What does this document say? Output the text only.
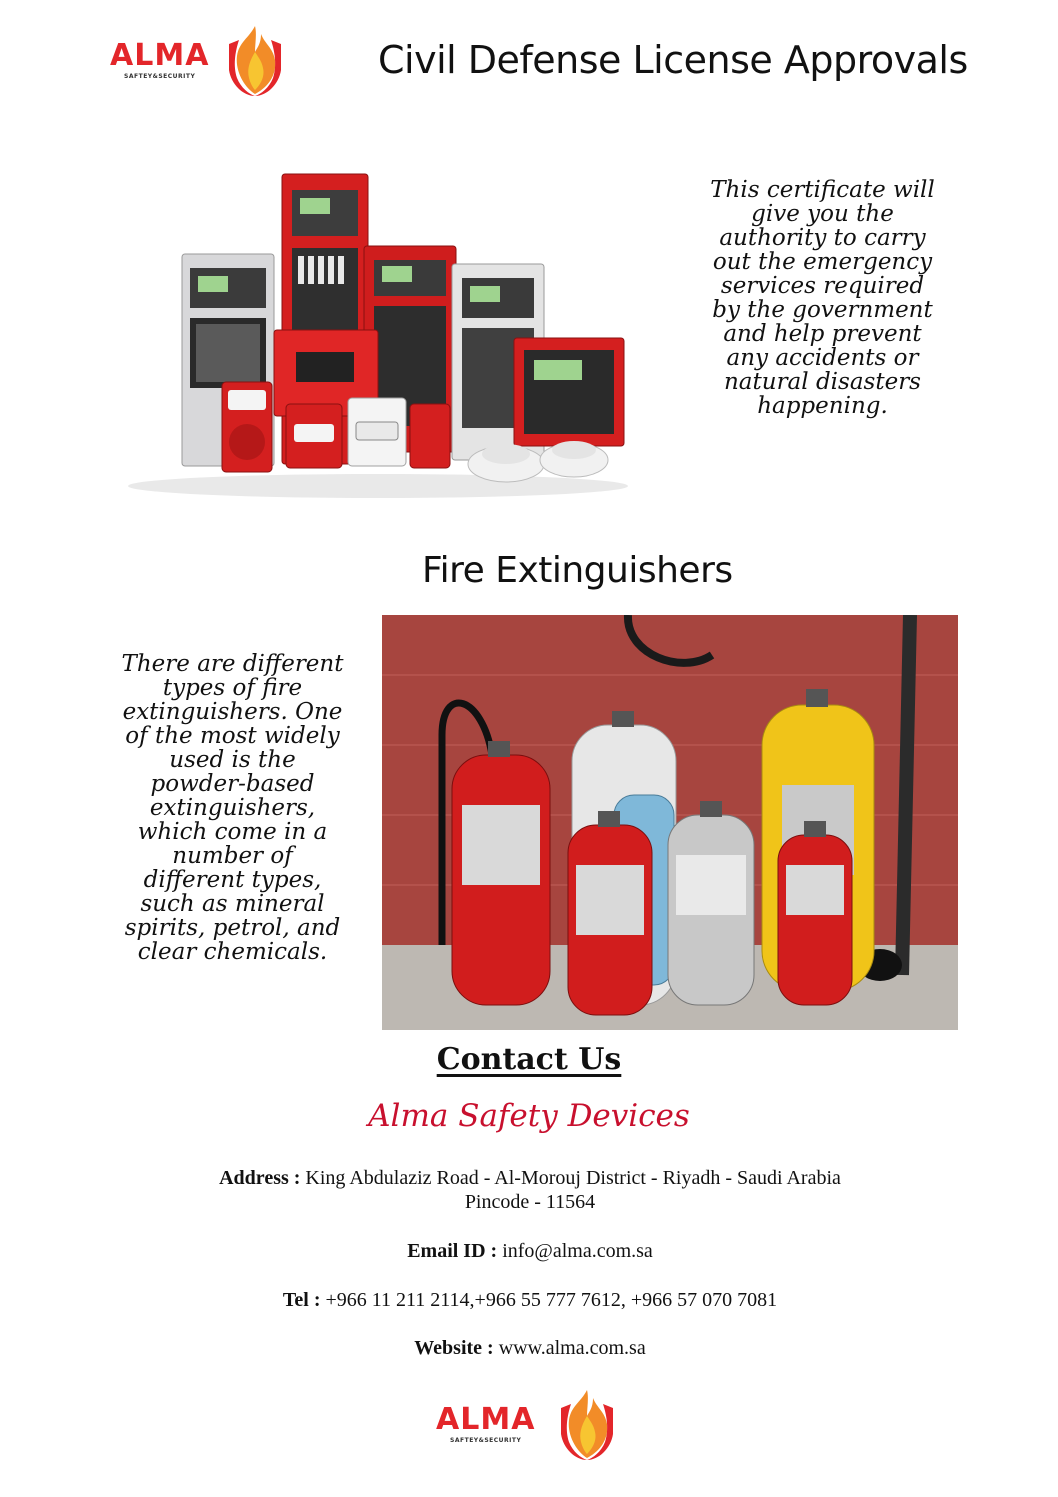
ALMA
SAFTEY&SECURITY	Civil Defense License Approvals

This certificate will give you the authority to carry out the emergency services required by the government and help prevent any accidents or natural disasters happening.

Fire Extinguishers

There are different types of fire extinguishers. One of the most widely used is the powder-based extinguishers, which come in a number of different types, such as mineral spirits, petrol, and clear chemicals.

Contact Us
Alma Safety Devices
Address : King Abdulaziz Road - Al-Morouj District - Riyadh - Saudi Arabia Pincode - 11564
Email ID : info@alma.com.sa
Tel : +966 11 211 2114,+966 55 777 7612, +966 57 070 7081
Website : www.alma.com.sa
ALMA
SAFTEY&SECURITY
